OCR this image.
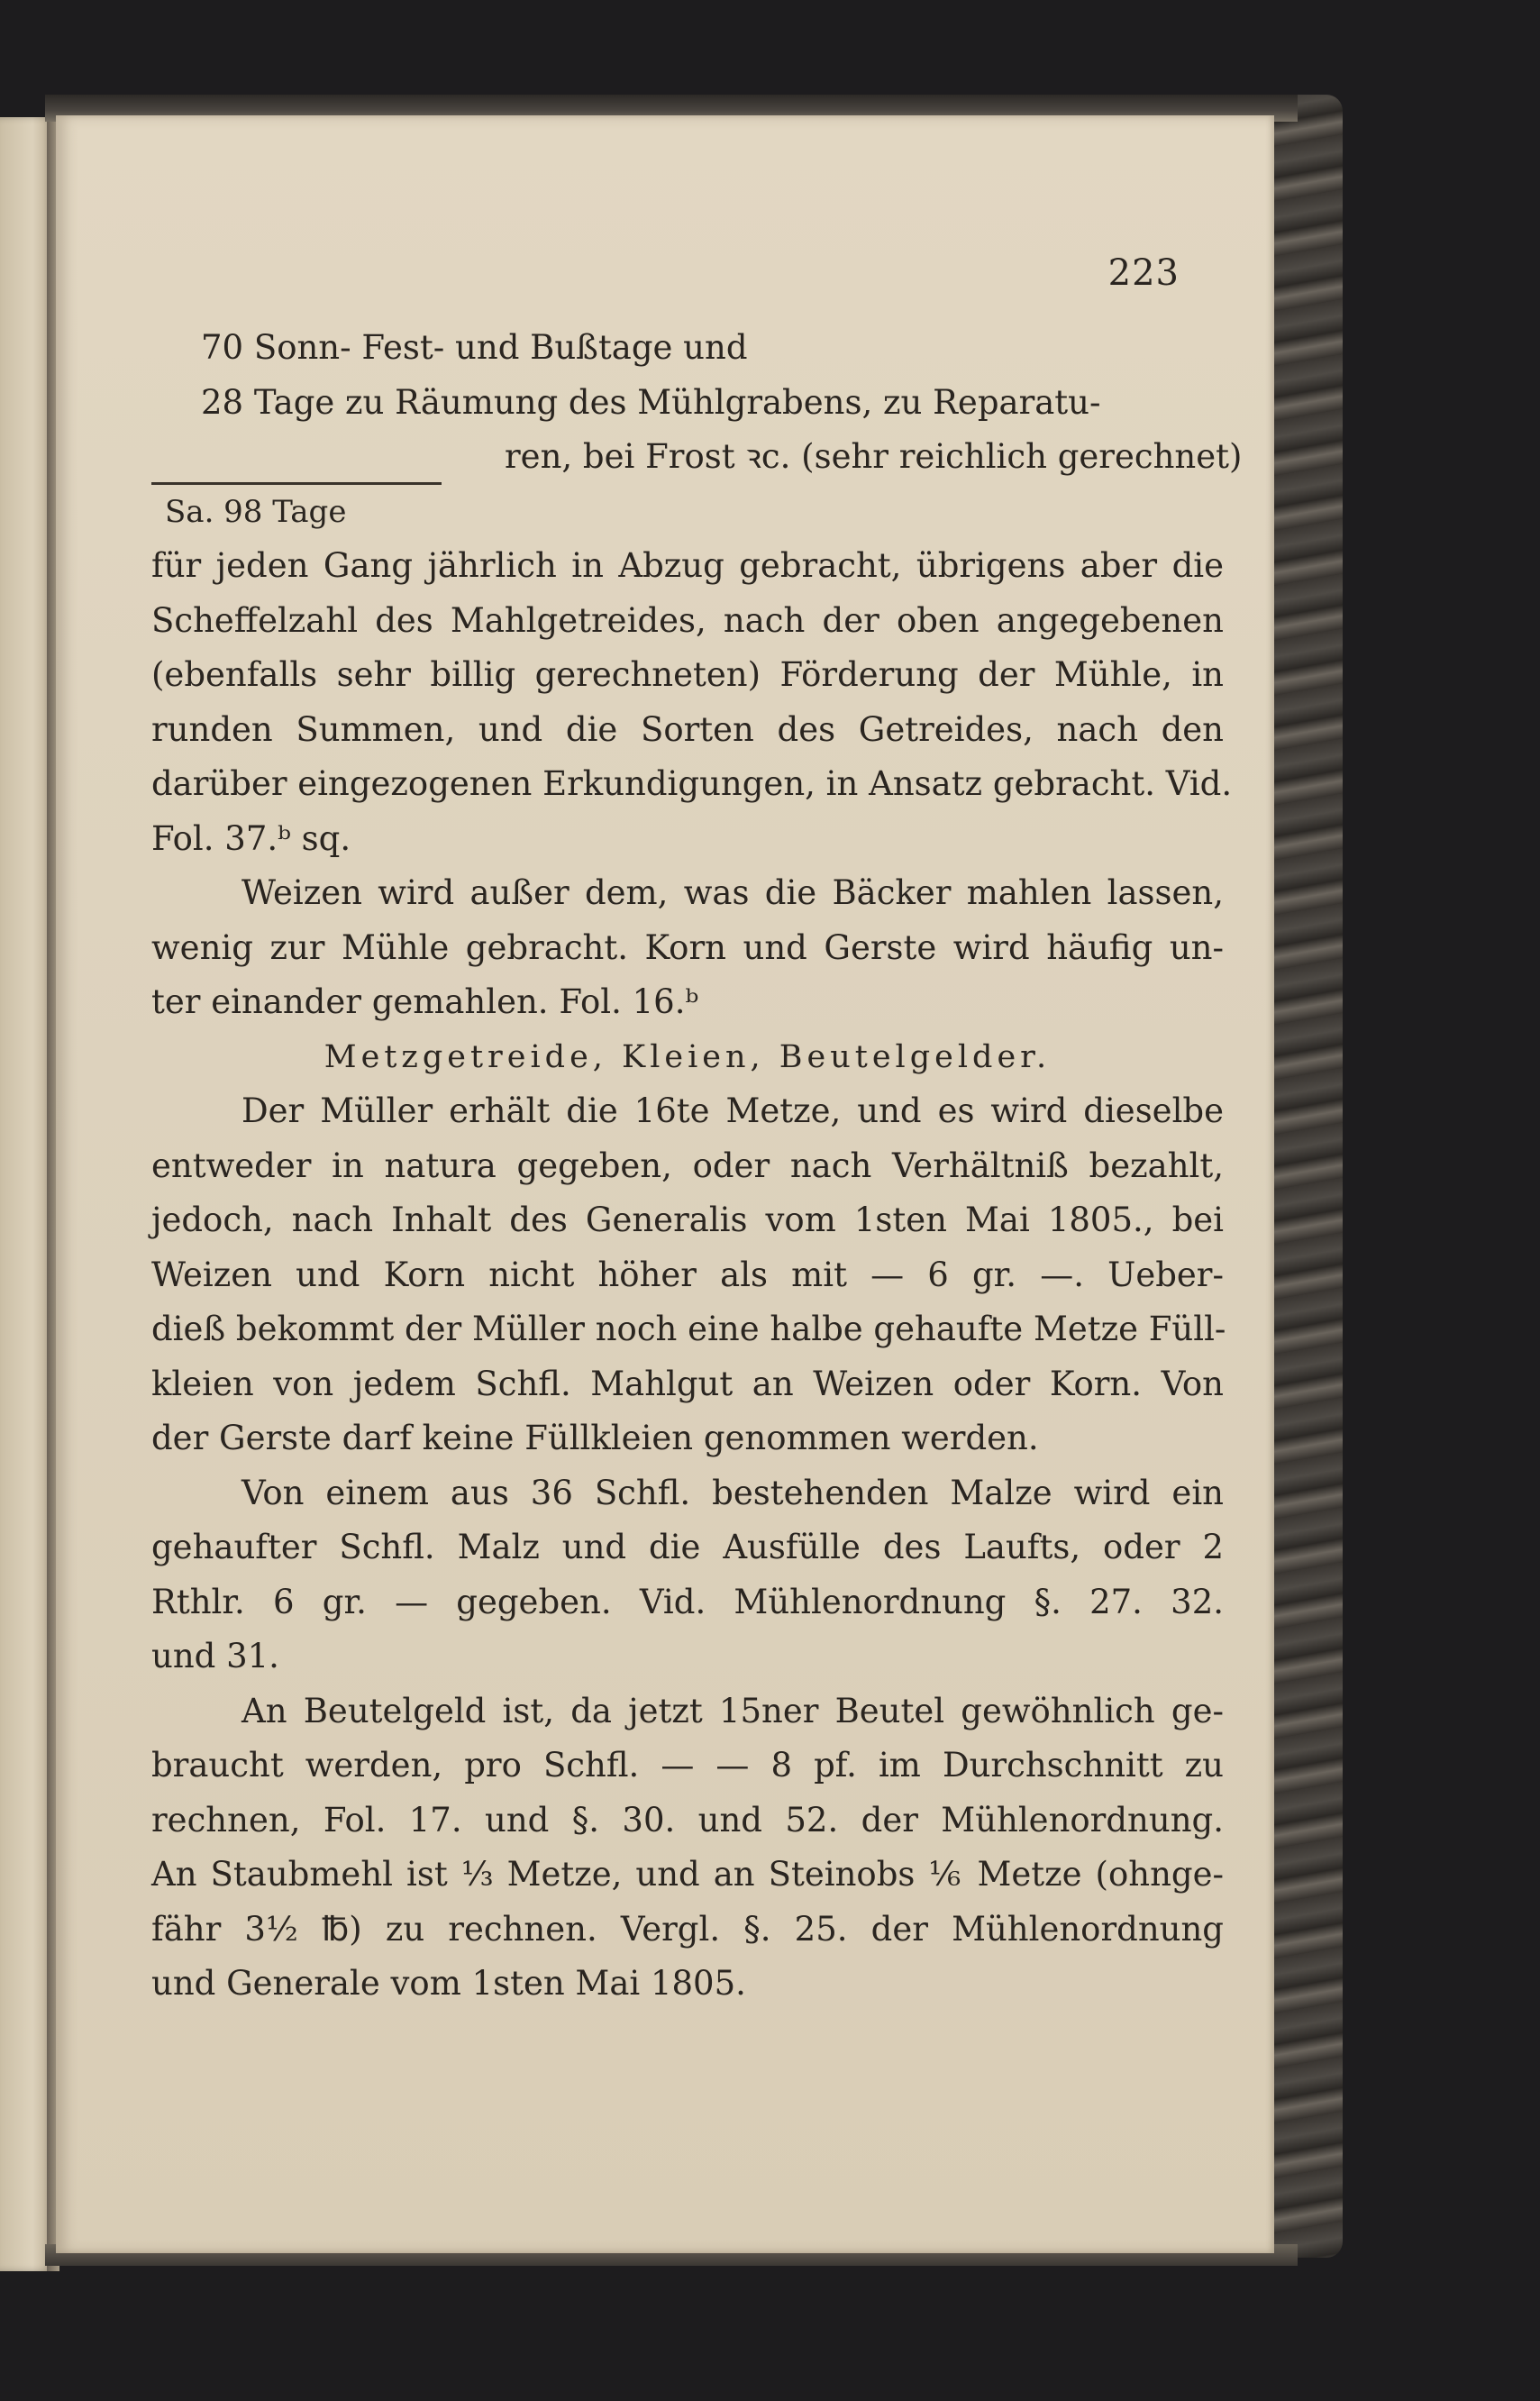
223
70 Sonn- Fest- und Bußtage und
28 Tage zu Räumung des Mühlgrabens, zu Reparatu-
ren, bei Frost ꝛc. (sehr reichlich gerechnet)
Sa. 98 Tage
für jeden Gang jährlich in Abzug gebracht, übrigens aber die
Scheffelzahl des Mahlgetreides, nach der oben angegebenen
(ebenfalls sehr billig gerechneten) Förderung der Mühle, in
runden Summen, und die Sorten des Getreides, nach den
darüber eingezogenen Erkundigungen, in Ansatz gebracht. Vid.
Fol. 37.ᵇ sq.
Weizen wird außer dem, was die Bäcker mahlen lassen,
wenig zur Mühle gebracht. Korn und Gerste wird häufig un-
ter einander gemahlen. Fol. 16.ᵇ
Metzgetreide, Kleien, Beutelgelder.
Der Müller erhält die 16te Metze, und es wird dieselbe
entweder in natura gegeben, oder nach Verhältniß bezahlt,
jedoch, nach Inhalt des Generalis vom 1sten Mai 1805., bei
Weizen und Korn nicht höher als mit — 6 gr. —. Ueber-
dieß bekommt der Müller noch eine halbe gehaufte Metze Füll-
kleien von jedem Schfl. Mahlgut an Weizen oder Korn. Von
der Gerste darf keine Füllkleien genommen werden.
Von einem aus 36 Schfl. bestehenden Malze wird ein
gehaufter Schfl. Malz und die Ausfülle des Laufts, oder 2
Rthlr. 6 gr. — gegeben. Vid. Mühlenordnung §. 27. 32.
und 31.
An Beutelgeld ist, da jetzt 15ner Beutel gewöhnlich ge-
braucht werden, pro Schfl. — — 8 pf. im Durchschnitt zu
rechnen, Fol. 17. und §. 30. und 52. der Mühlenordnung.
An Staubmehl ist ⅓ Metze, und an Steinobs ⅙ Metze (ohnge-
fähr 3½ ℔) zu rechnen. Vergl. §. 25. der Mühlenordnung
und Generale vom 1sten Mai 1805.
